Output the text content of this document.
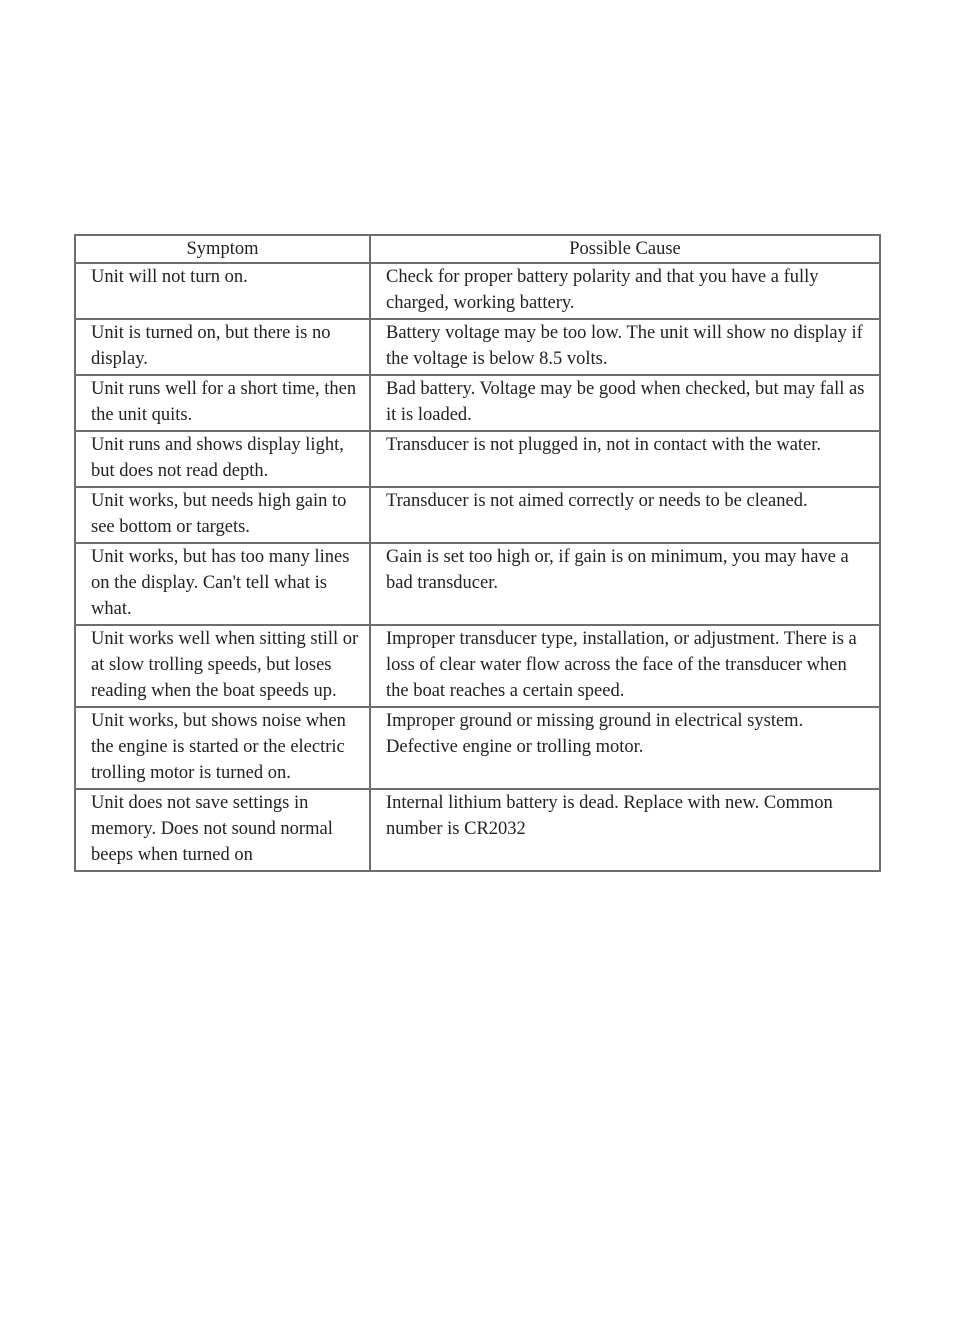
Symptom	Possible Cause
Unit will not turn on.	Check for proper battery polarity and that you have a fully charged, working battery.
Unit is turned on, but there is no display.	Battery voltage may be too low. The unit will show no display if the voltage is below 8.5 volts.
Unit runs well for a short time, then the unit quits.	Bad battery. Voltage may be good when checked, but may fall as it is loaded.
Unit runs and shows display light, but does not read depth.	Transducer is not plugged in, not in contact with the water.
Unit works, but needs high gain to see bottom or targets.	Transducer is not aimed correctly or needs to be cleaned.
Unit works, but has too many lines on the display. Can't tell what is what.	Gain is set too high or, if gain is on minimum, you may have a bad transducer.
Unit works well when sitting still or at slow trolling speeds, but loses reading when the boat speeds up.	Improper transducer type, installation, or adjustment. There is a loss of clear water flow across the face of the transducer when the boat reaches a certain speed.
Unit works, but shows noise when the engine is started or the electric trolling motor is turned on.	Improper ground or missing ground in electrical system. Defective engine or trolling motor.
Unit does not save settings in memory. Does not sound normal beeps when turned on	Internal lithium battery is dead. Replace with new. Common number is CR2032
